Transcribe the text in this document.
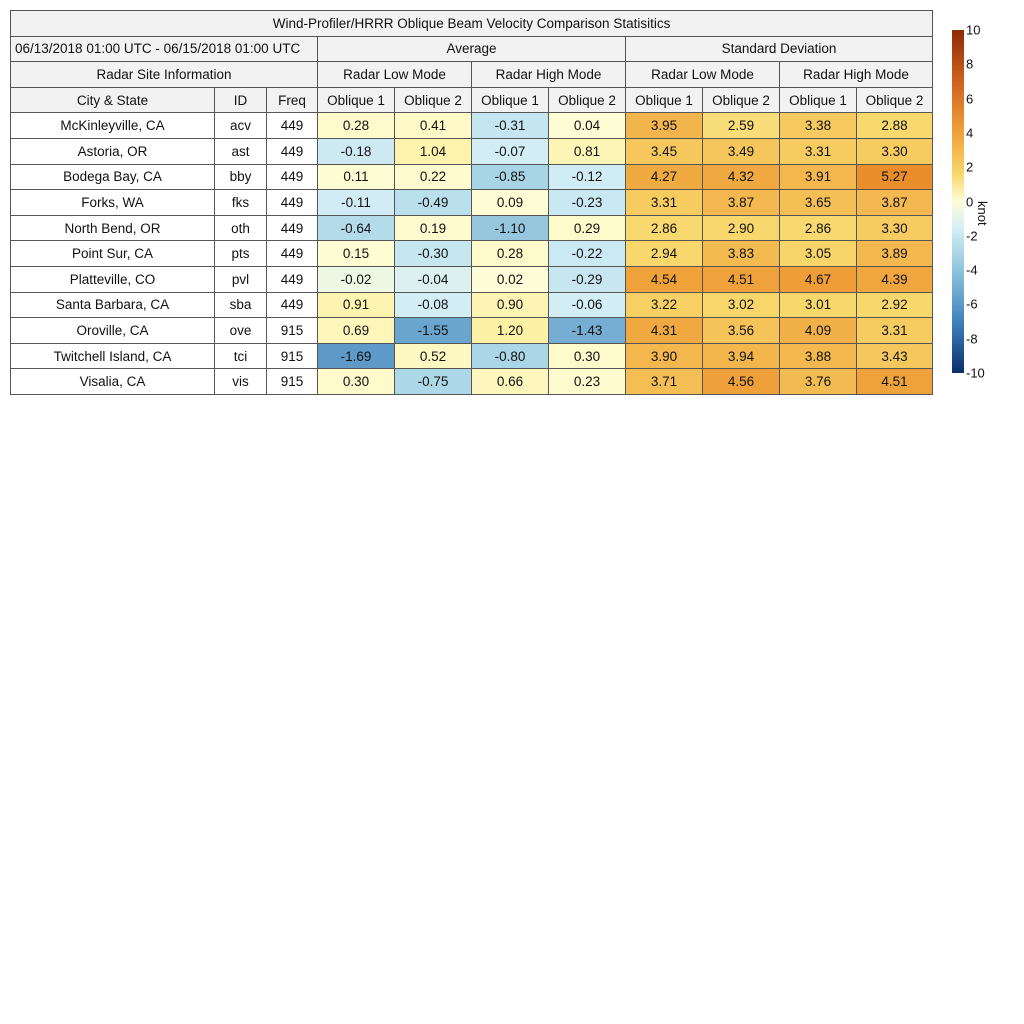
Wind-Profiler/HRRR Oblique Beam Velocity Comparison Statisitics										
06/13/2018 01:00 UTC - 06/15/2018 01:00 UTC			Average				Standard Deviation			
Radar Site Information			Radar Low Mode		Radar High Mode		Radar Low Mode		Radar High Mode	
City & State	ID	Freq	Oblique 1	Oblique 2	Oblique 1	Oblique 2	Oblique 1	Oblique 2	Oblique 1	Oblique 2
McKinleyville, CA	acv	449	0.28	0.41	-0.31	0.04	3.95	2.59	3.38	2.88
Astoria, OR	ast	449	-0.18	1.04	-0.07	0.81	3.45	3.49	3.31	3.30
Bodega Bay, CA	bby	449	0.11	0.22	-0.85	-0.12	4.27	4.32	3.91	5.27
Forks, WA	fks	449	-0.11	-0.49	0.09	-0.23	3.31	3.87	3.65	3.87
North Bend, OR	oth	449	-0.64	0.19	-1.10	0.29	2.86	2.90	2.86	3.30
Point Sur, CA	pts	449	0.15	-0.30	0.28	-0.22	2.94	3.83	3.05	3.89
Platteville, CO	pvl	449	-0.02	-0.04	0.02	-0.29	4.54	4.51	4.67	4.39
Santa Barbara, CA	sba	449	0.91	-0.08	0.90	-0.06	3.22	3.02	3.01	2.92
Oroville, CA	ove	915	0.69	-1.55	1.20	-1.43	4.31	3.56	4.09	3.31
Twitchell Island, CA	tci	915	-1.69	0.52	-0.80	0.30	3.90	3.94	3.88	3.43
Visalia, CA	vis	915	0.30	-0.75	0.66	0.23	3.71	4.56	3.76	4.51
10
8
6
4
2
0
-2
-4
-6
-8
-10
knot
